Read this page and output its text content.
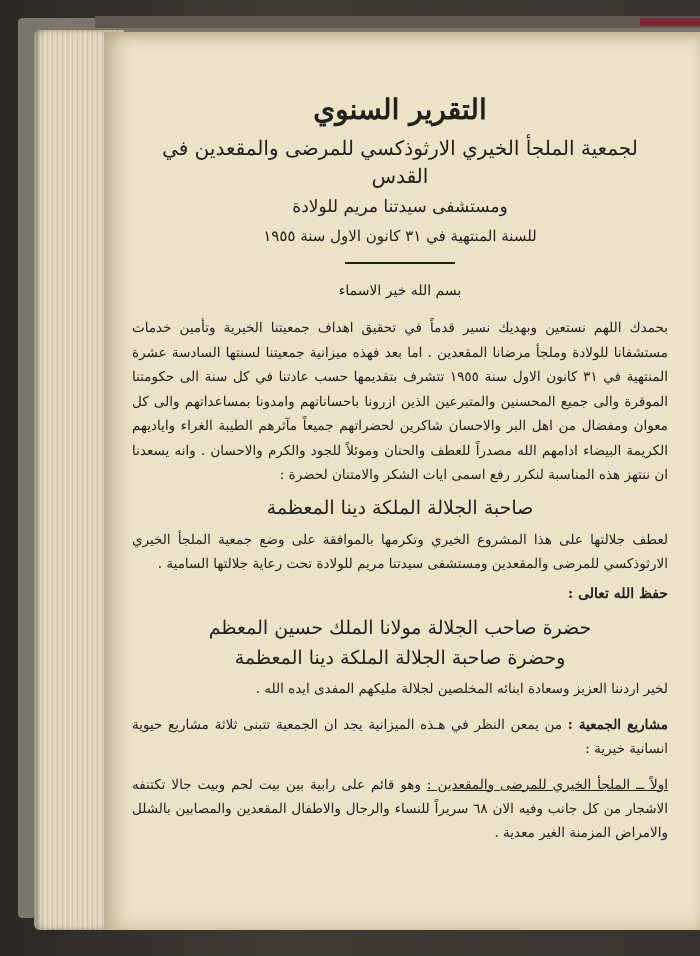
التقرير السنوي
لجمعية الملجأ الخيري الارثوذكسي للمرضى والمقعدين في القدس
ومستشفى سيدتنا مريم للولادة
للسنة المنتهية في ٣١ كانون الاول سنة ١٩٥٥
بسم الله خير الاسماء
بحمدك اللهم نستعين وبهديك نسير قدماً في تحقيق اهداف جمعيتنا الخيرية وتأمين خدمات مستشفانا للولادة وملجأ مرضانا المقعدين . اما بعد فهذه ميزانية جمعيتنا لسنتها السادسة عشرة المنتهية في ٣١ كانون الاول سنة ١٩٥٥ تتشرف بتقديمها حسب عادتنا في كل سنة الى حكومتنا الموقرة والى جميع المحسنين والمتبرعين الذين ازرونا باحساناتهم وامدونا بمساعداتهم والى كل معوان ومفضال من اهل البر والاحسان شاكرين لحضراتهم جميعاً مآثرهم الطيبة الغراء واياديهم الكريمة البيضاء ادامهم الله مصدراً للعطف والحنان وموئلاً للجود والكرم والاحسان . وانه يسعدنا ان ننتهز هذه المناسبة لنكرر رفع اسمى ايات الشكر والامتنان لحضرة :
صاحبة الجلالة الملكة دينا المعظمة
لعطف جلالتها على هذا المشروع الخيري وتكرمها بالموافقة على وضع جمعية الملجأ الخيري الارثوذكسي للمرضى والمقعدين ومستشفى سيدتنا مريم للولادة تحت رعاية جلالتها السامية .
حفظ الله تعالى :
حضرة صاحب الجلالة مولانا الملك حسين المعظم
وحضرة صاحبة الجلالة الملكة دينا المعظمة
لخير اردننا العزيز وسعادة ابنائه المخلصين لجلالة مليكهم المفدى ايده الله .
مشاريع الجمعية : من يمعن النظر في هـذه الميزانية يجد ان الجمعية تتبنى ثلاثة مشاريع حيوية انسانية خيرية :
اولاً ــ الملجأ الخيري للمرضى والمقعدين : وهو قائم على رابية بين بيت لحم وبيت جالا تكتنفه الاشجار من كل جانب وفيه الان ٦٨ سريراً للنساء والرجال والاطفال المقعدين والمصابين بالشلل والامراض المزمنة الغير معدية .
